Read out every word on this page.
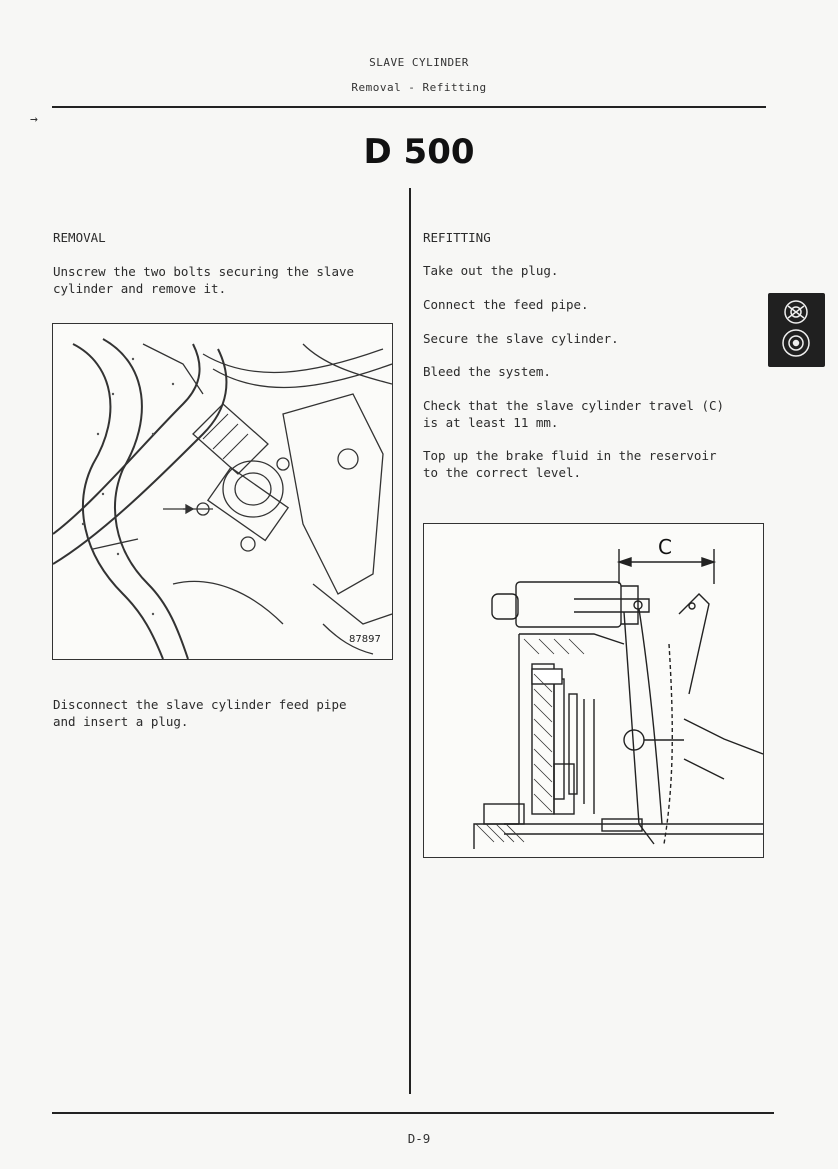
SLAVE CYLINDER
Removal - Refitting
→
D 500
REMOVAL
Unscrew the two bolts securing the slave
cylinder and remove it.
87897
Disconnect the slave cylinder feed pipe
and insert a plug.
REFITTING
Take out the plug.
Connect the feed pipe.
Secure the slave cylinder.
Bleed the system.
Check that the slave cylinder travel (C)
is at least 11 mm.
Top up the brake fluid in the reservoir
to the correct level.
C
D-9
